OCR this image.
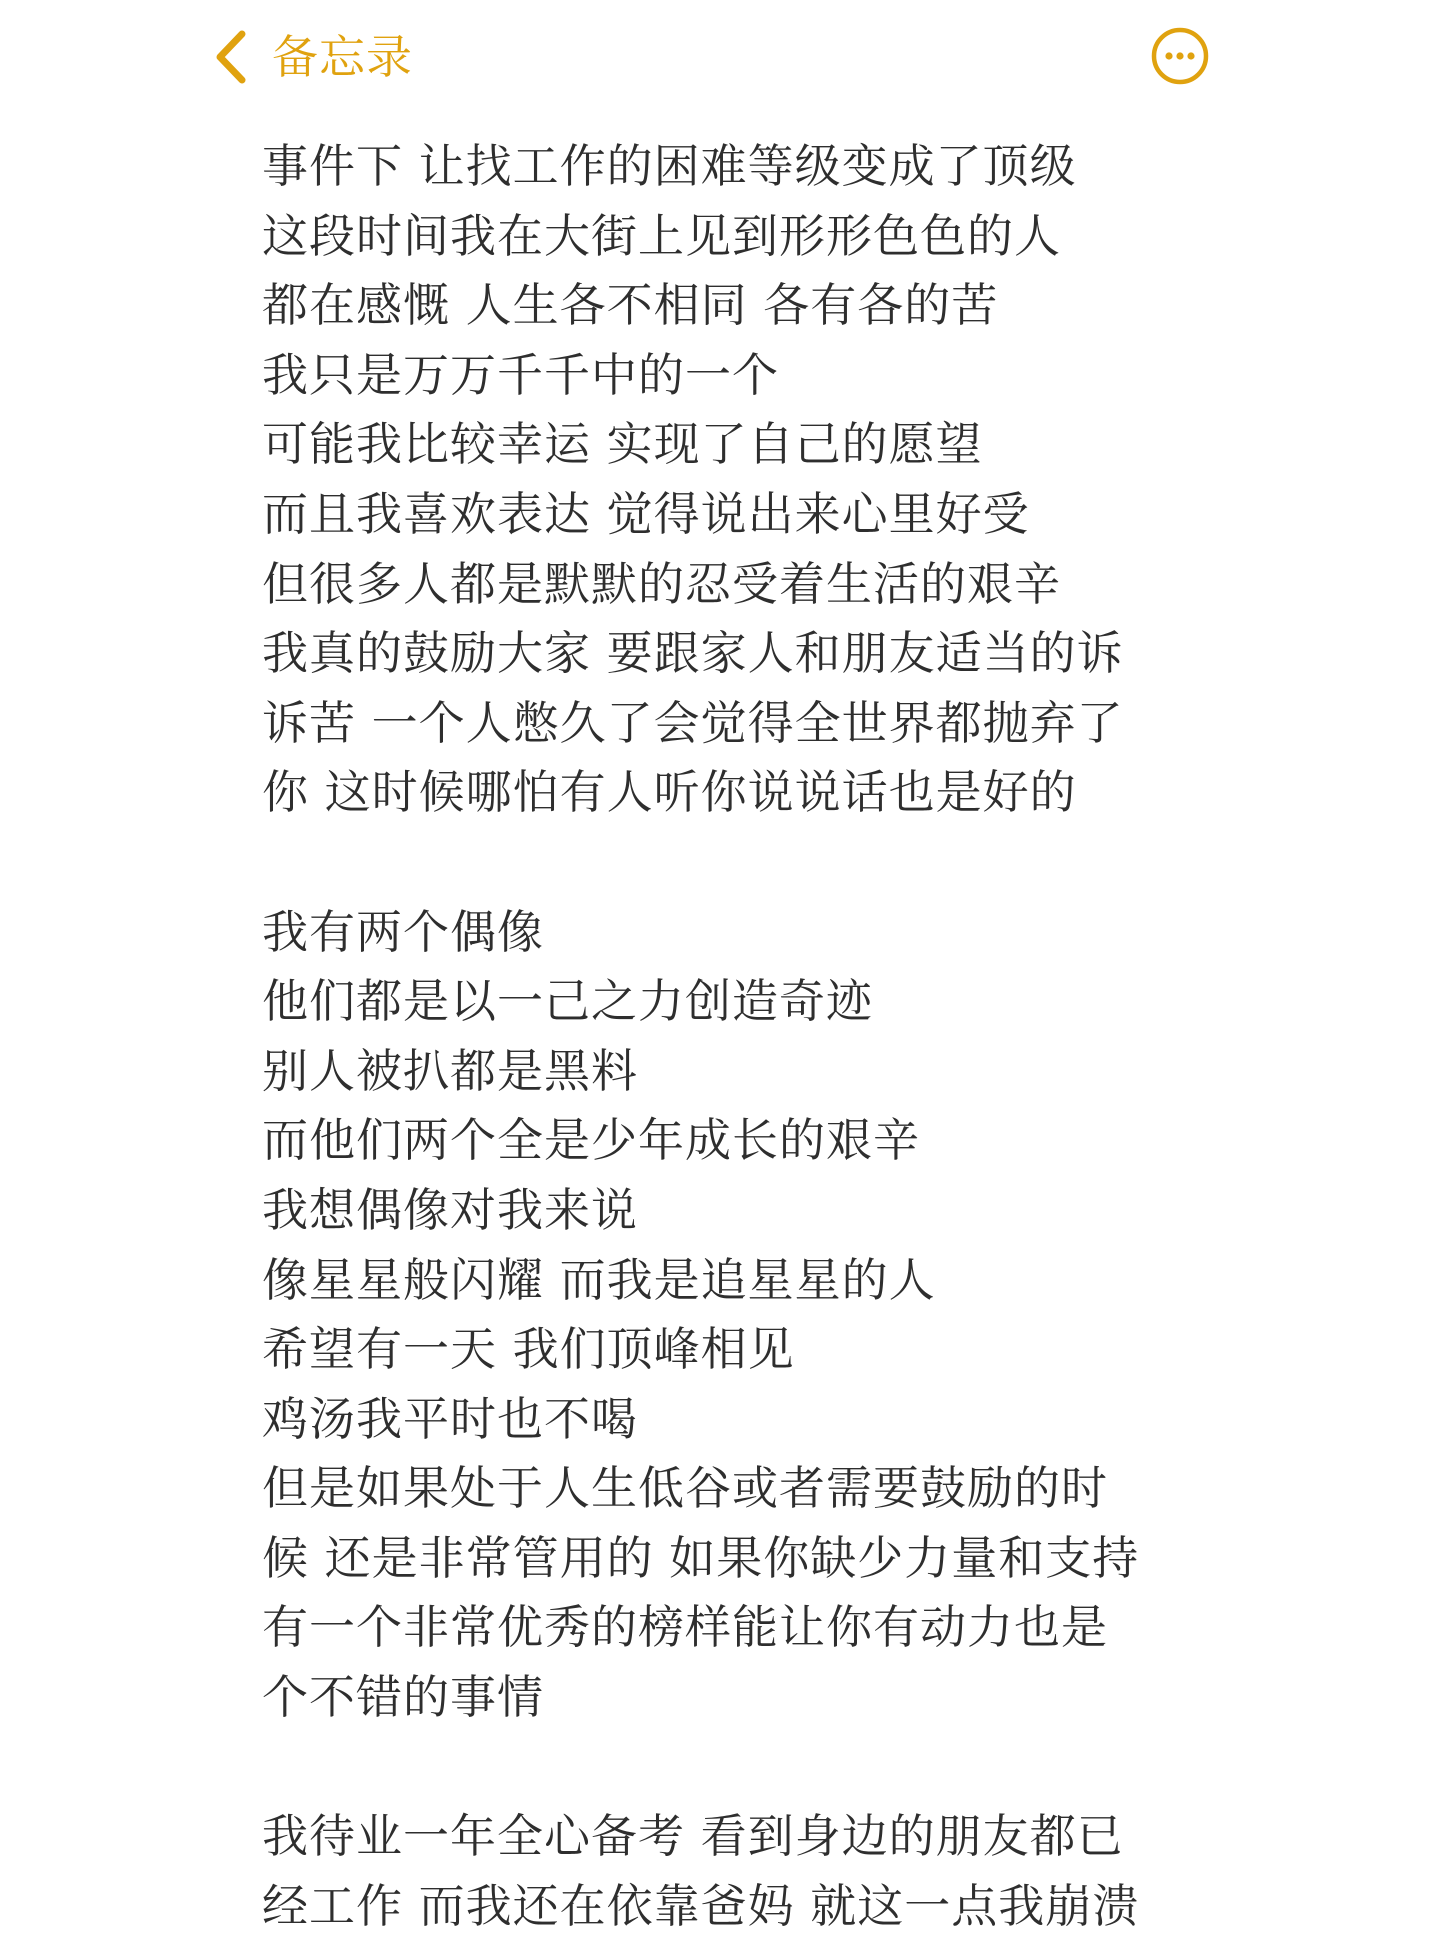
备忘录
事件下 让找工作的困难等级变成了顶级
这段时间我在大街上见到形形色色的人
都在感慨 人生各不相同 各有各的苦
我只是万万千千中的一个
可能我比较幸运 实现了自己的愿望
而且我喜欢表达 觉得说出来心里好受
但很多人都是默默的忍受着生活的艰辛
我真的鼓励大家 要跟家人和朋友适当的诉
诉苦 一个人憋久了会觉得全世界都抛弃了
你 这时候哪怕有人听你说说话也是好的
我有两个偶像
他们都是以一己之力创造奇迹
别人被扒都是黑料
而他们两个全是少年成长的艰辛
我想偶像对我来说
像星星般闪耀 而我是追星星的人
希望有一天 我们顶峰相见
鸡汤我平时也不喝
但是如果处于人生低谷或者需要鼓励的时
候 还是非常管用的 如果你缺少力量和支持
有一个非常优秀的榜样能让你有动力也是
个不错的事情
我待业一年全心备考 看到身边的朋友都已
经工作 而我还在依靠爸妈 就这一点我崩溃
